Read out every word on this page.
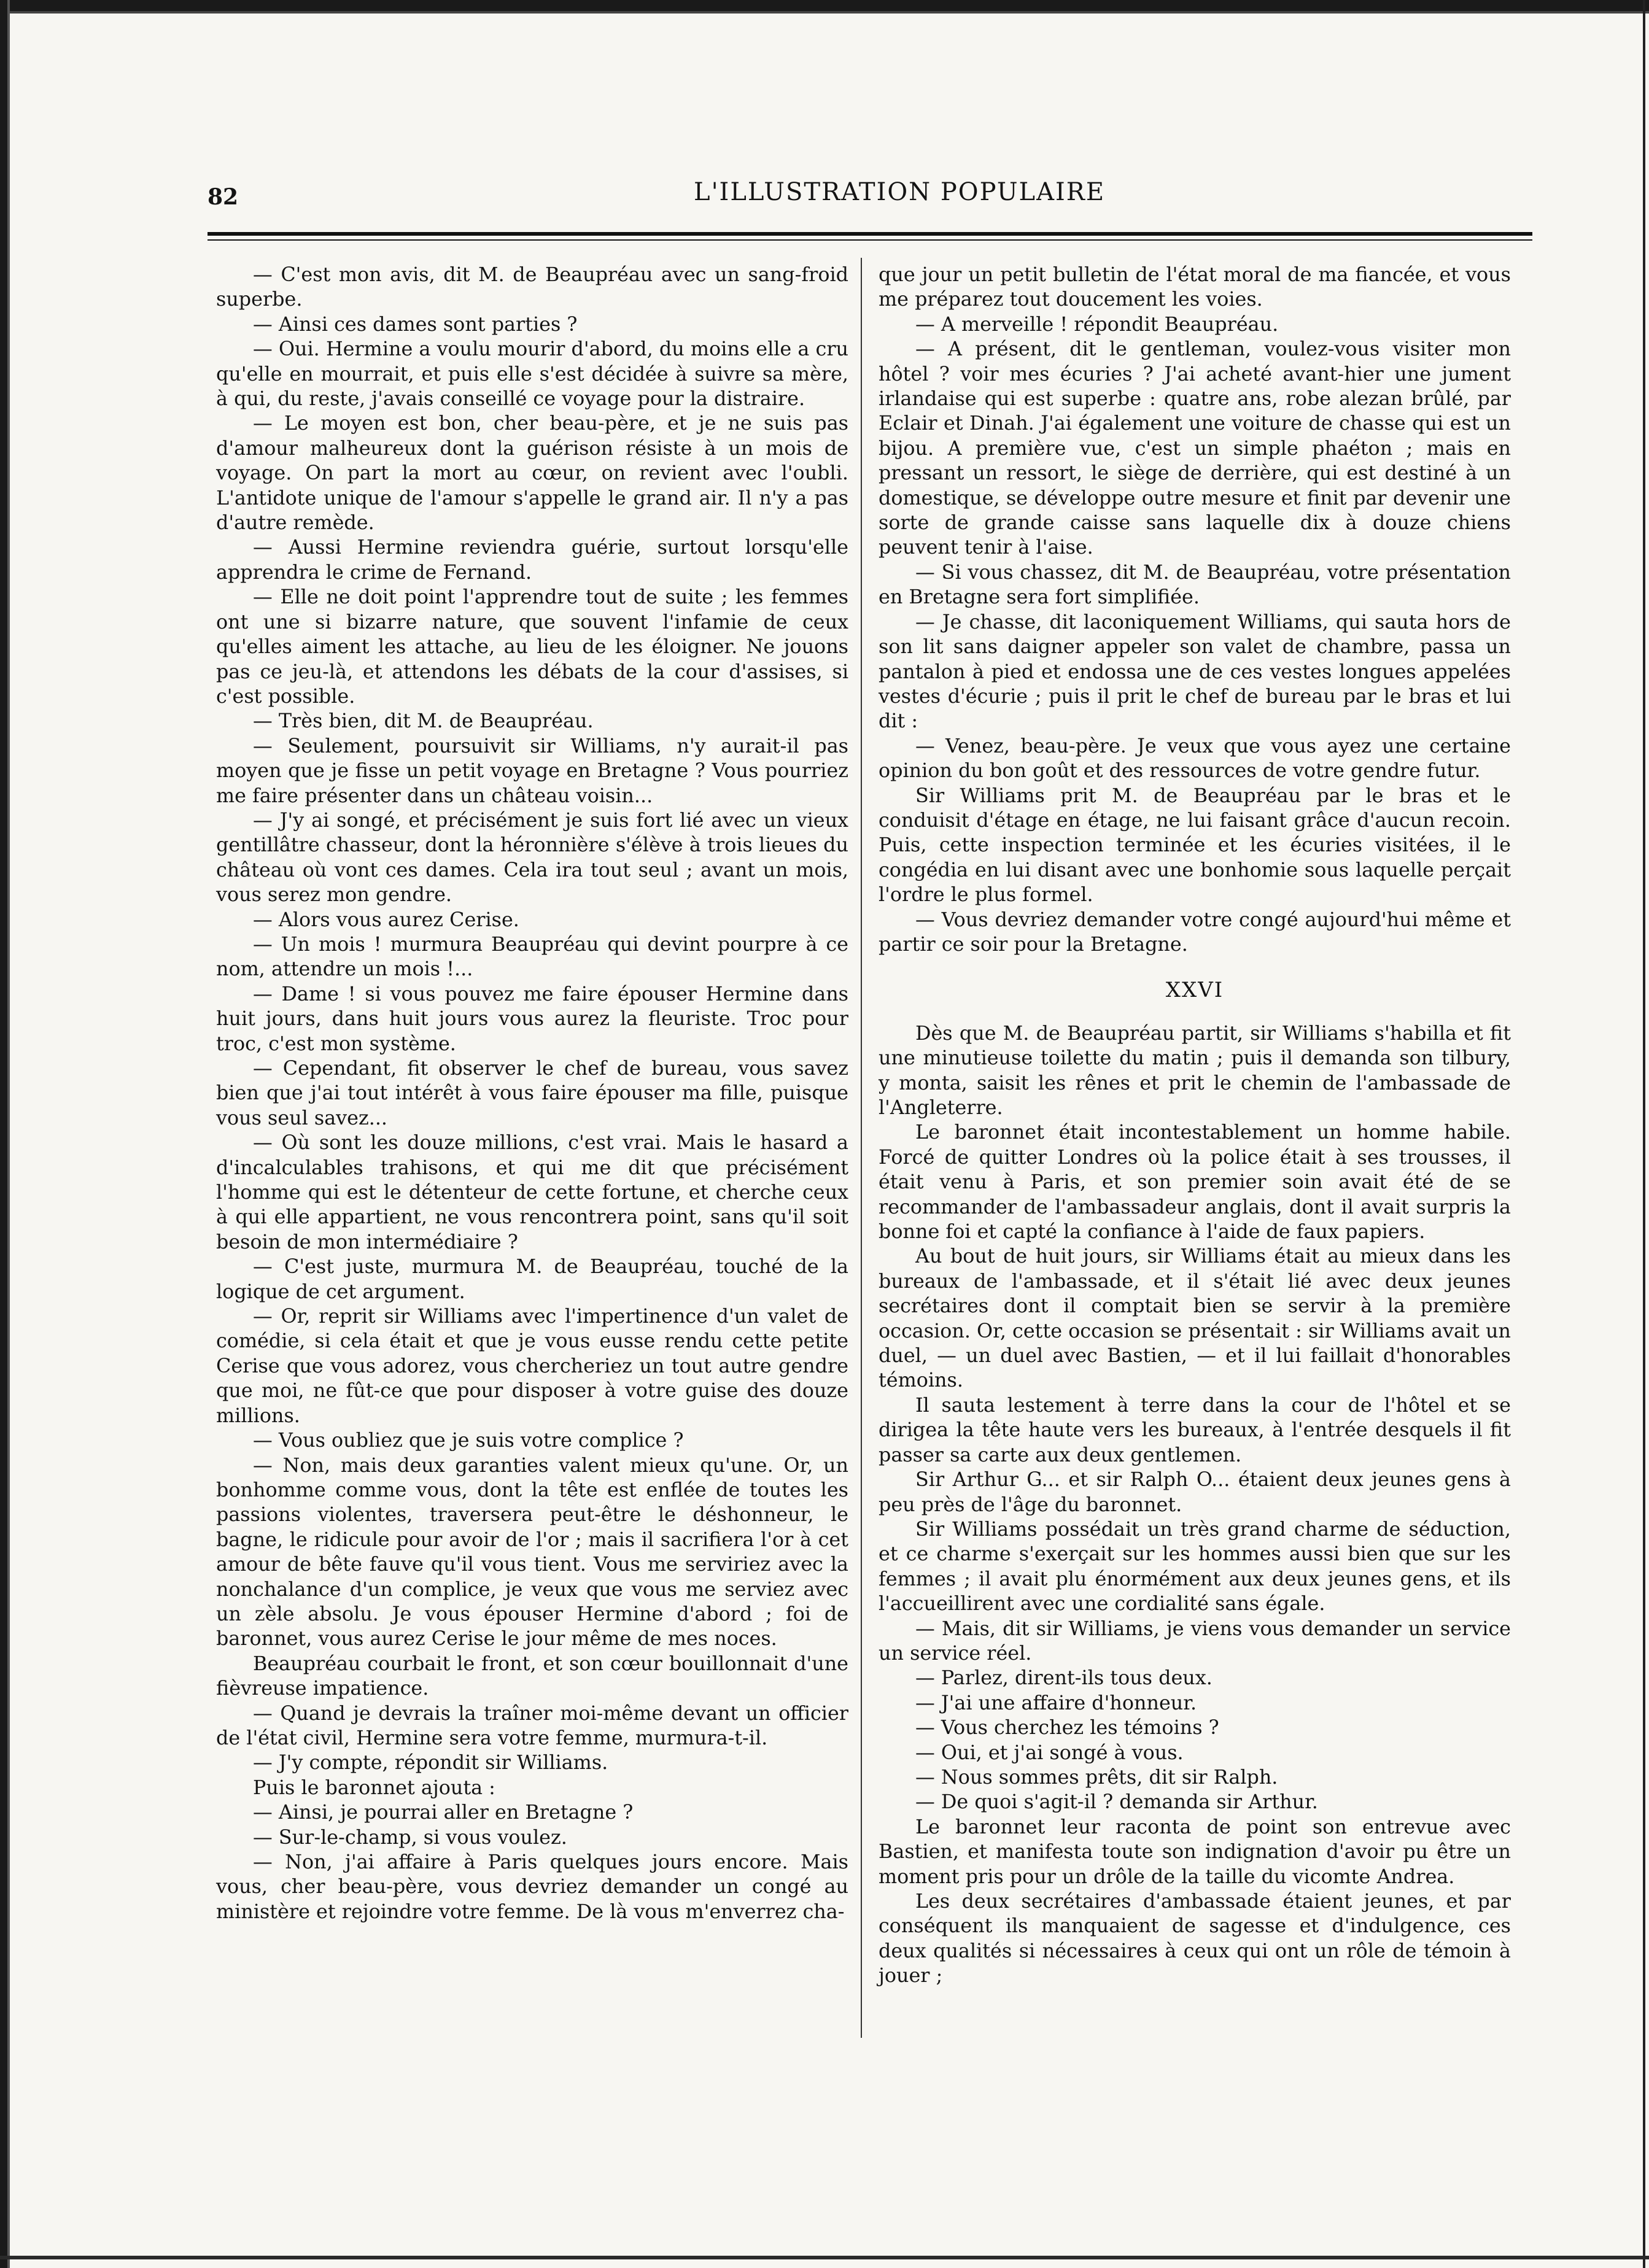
82	L'ILLUSTRATION POPULAIRE

— C'est mon avis, dit M. de Beaupréau avec un sang-froid superbe.

— Ainsi ces dames sont parties ?

— Oui. Hermine a voulu mourir d'abord, du moins elle a cru qu'elle en mourrait, et puis elle s'est décidée à suivre sa mère, à qui, du reste, j'avais conseillé ce voyage pour la distraire.

— Le moyen est bon, cher beau-père, et je ne suis pas d'amour malheureux dont la guérison résiste à un mois de voyage. On part la mort au cœur, on revient avec l'oubli. L'antidote unique de l'amour s'appelle le grand air. Il n'y a pas d'autre remède.

— Aussi Hermine reviendra guérie, surtout lorsqu'elle apprendra le crime de Fernand.

— Elle ne doit point l'apprendre tout de suite ; les femmes ont une si bizarre nature, que souvent l'infamie de ceux qu'elles aiment les attache, au lieu de les éloigner. Ne jouons pas ce jeu-là, et attendons les débats de la cour d'assises, si c'est possible.

— Très bien, dit M. de Beaupréau.

— Seulement, poursuivit sir Williams, n'y aurait-il pas moyen que je fisse un petit voyage en Bretagne ? Vous pourriez me faire présenter dans un château voisin...

— J'y ai songé, et précisément je suis fort lié avec un vieux gentillâtre chasseur, dont la héronnière s'élève à trois lieues du château où vont ces dames. Cela ira tout seul ; avant un mois, vous serez mon gendre.

— Alors vous aurez Cerise.

— Un mois ! murmura Beaupréau qui devint pourpre à ce nom, attendre un mois !...

— Dame ! si vous pouvez me faire épouser Hermine dans huit jours, dans huit jours vous aurez la fleuriste. Troc pour troc, c'est mon système.

— Cependant, fit observer le chef de bureau, vous savez bien que j'ai tout intérêt à vous faire épouser ma fille, puisque vous seul savez...

— Où sont les douze millions, c'est vrai. Mais le hasard a d'incalculables trahisons, et qui me dit que précisément l'homme qui est le détenteur de cette fortune, et cherche ceux à qui elle appartient, ne vous rencontrera point, sans qu'il soit besoin de mon intermédiaire ?

— C'est juste, murmura M. de Beaupréau, touché de la logique de cet argument.

— Or, reprit sir Williams avec l'impertinence d'un valet de comédie, si cela était et que je vous eusse rendu cette petite Cerise que vous adorez, vous chercheriez un tout autre gendre que moi, ne fût-ce que pour disposer à votre guise des douze millions.

— Vous oubliez que je suis votre complice ?

— Non, mais deux garanties valent mieux qu'une. Or, un bonhomme comme vous, dont la tête est enflée de toutes les passions violentes, traversera peut-être le déshonneur, le bagne, le ridicule pour avoir de l'or ; mais il sacrifiera l'or à cet amour de bête fauve qu'il vous tient. Vous me serviriez avec la nonchalance d'un complice, je veux que vous me serviez avec un zèle absolu. Je vous épouser Hermine d'abord ; foi de baronnet, vous aurez Cerise le jour même de mes noces.

Beaupréau courbait le front, et son cœur bouillonnait d'une fièvreuse impatience.

— Quand je devrais la traîner moi-même devant un officier de l'état civil, Hermine sera votre femme, murmura-t-il.

— J'y compte, répondit sir Williams.

Puis le baronnet ajouta :

— Ainsi, je pourrai aller en Bretagne ?

— Sur-le-champ, si vous voulez.

— Non, j'ai affaire à Paris quelques jours encore. Mais vous, cher beau-père, vous devriez demander un congé au ministère et rejoindre votre femme. De là vous m'enverrez cha-

que jour un petit bulletin de l'état moral de ma fiancée, et vous me préparez tout doucement les voies.

— A merveille ! répondit Beaupréau.

— A présent, dit le gentleman, voulez-vous visiter mon hôtel ? voir mes écuries ? J'ai acheté avant-hier une jument irlandaise qui est superbe : quatre ans, robe alezan brûlé, par Eclair et Dinah. J'ai également une voiture de chasse qui est un bijou. A première vue, c'est un simple phaéton ; mais en pressant un ressort, le siège de derrière, qui est destiné à un domestique, se développe outre mesure et finit par devenir une sorte de grande caisse sans laquelle dix à douze chiens peuvent tenir à l'aise.

— Si vous chassez, dit M. de Beaupréau, votre présentation en Bretagne sera fort simplifiée.

— Je chasse, dit laconiquement Williams, qui sauta hors de son lit sans daigner appeler son valet de chambre, passa un pantalon à pied et endossa une de ces vestes longues appelées vestes d'écurie ; puis il prit le chef de bureau par le bras et lui dit :

— Venez, beau-père. Je veux que vous ayez une certaine opinion du bon goût et des ressources de votre gendre futur.

Sir Williams prit M. de Beaupréau par le bras et le conduisit d'étage en étage, ne lui faisant grâce d'aucun recoin. Puis, cette inspection terminée et les écuries visitées, il le congédia en lui disant avec une bonhomie sous laquelle perçait l'ordre le plus formel.

— Vous devriez demander votre congé aujourd'hui même et partir ce soir pour la Bretagne.

XXVI

Dès que M. de Beaupréau partit, sir Williams s'habilla et fit une minutieuse toilette du matin ; puis il demanda son tilbury, y monta, saisit les rênes et prit le chemin de l'ambassade de l'Angleterre.

Le baronnet était incontestablement un homme habile. Forcé de quitter Londres où la police était à ses trousses, il était venu à Paris, et son premier soin avait été de se recommander de l'ambassadeur anglais, dont il avait surpris la bonne foi et capté la confiance à l'aide de faux papiers.

Au bout de huit jours, sir Williams était au mieux dans les bureaux de l'ambassade, et il s'était lié avec deux jeunes secrétaires dont il comptait bien se servir à la première occasion. Or, cette occasion se présentait : sir Williams avait un duel, — un duel avec Bastien, — et il lui faillait d'honorables témoins.

Il sauta lestement à terre dans la cour de l'hôtel et se dirigea la tête haute vers les bureaux, à l'entrée desquels il fit passer sa carte aux deux gentlemen.

Sir Arthur G... et sir Ralph O... étaient deux jeunes gens à peu près de l'âge du baronnet.

Sir Williams possédait un très grand charme de séduction, et ce charme s'exerçait sur les hommes aussi bien que sur les femmes ; il avait plu énormément aux deux jeunes gens, et ils l'accueillirent avec une cordialité sans égale.

— Mais, dit sir Williams, je viens vous demander un service un service réel.

— Parlez, dirent-ils tous deux.

— J'ai une affaire d'honneur.

— Vous cherchez les témoins ?

— Oui, et j'ai songé à vous.

— Nous sommes prêts, dit sir Ralph.

— De quoi s'agit-il ? demanda sir Arthur.

Le baronnet leur raconta de point son entrevue avec Bastien, et manifesta toute son indignation d'avoir pu être un moment pris pour un drôle de la taille du vicomte Andrea.

Les deux secrétaires d'ambassade étaient jeunes, et par conséquent ils manquaient de sagesse et d'indulgence, ces deux qualités si nécessaires à ceux qui ont un rôle de témoin à jouer ;
